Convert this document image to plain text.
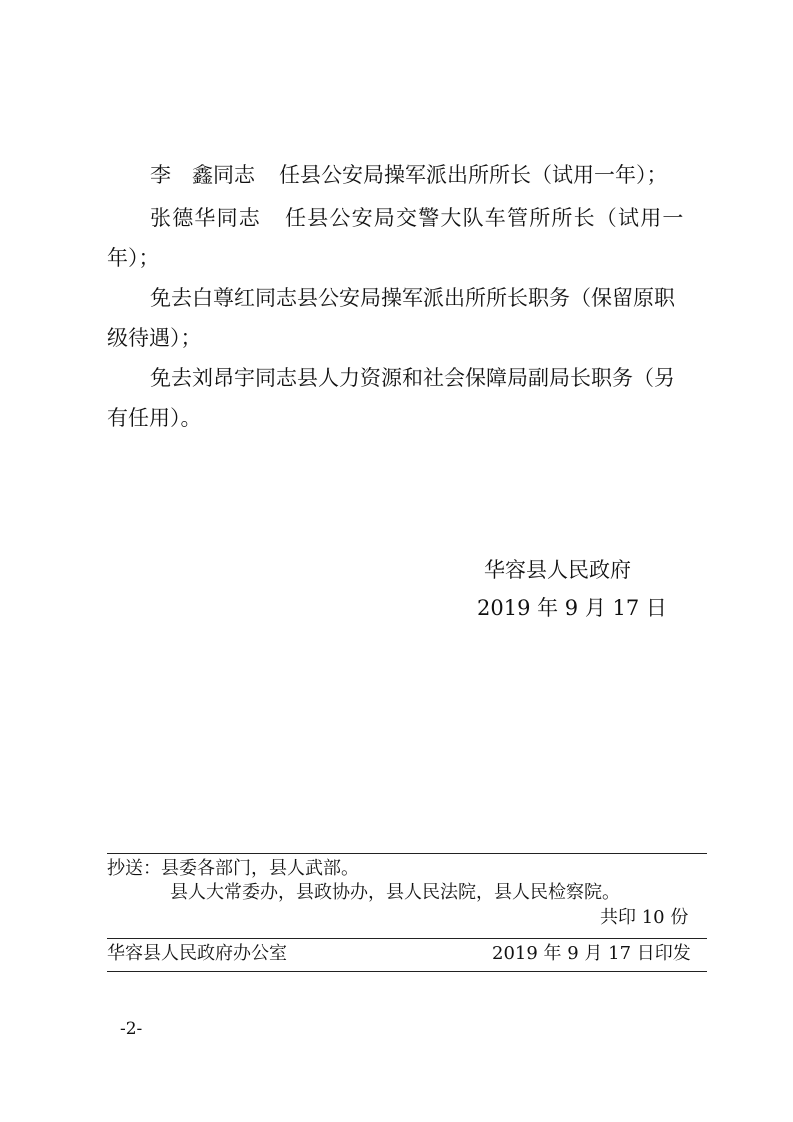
李　鑫同志 任县公安局操军派出所所长（试用一年）；
张德华同志 任县公安局交警大队车管所所长（试用一
年）；
免去白尊红同志县公安局操军派出所所长职务（保留原职
级待遇）；
免去刘昂宇同志县人力资源和社会保障局副局长职务（另
有任用）。
华容县人民政府
2019 年 9 月 17 日
抄送：县委各部门，县人武部。
县人大常委办，县政协办，县人民法院，县人民检察院。
共印 10 份
华容县人民政府办公室	2019 年 9 月 17 日印发
-2-
